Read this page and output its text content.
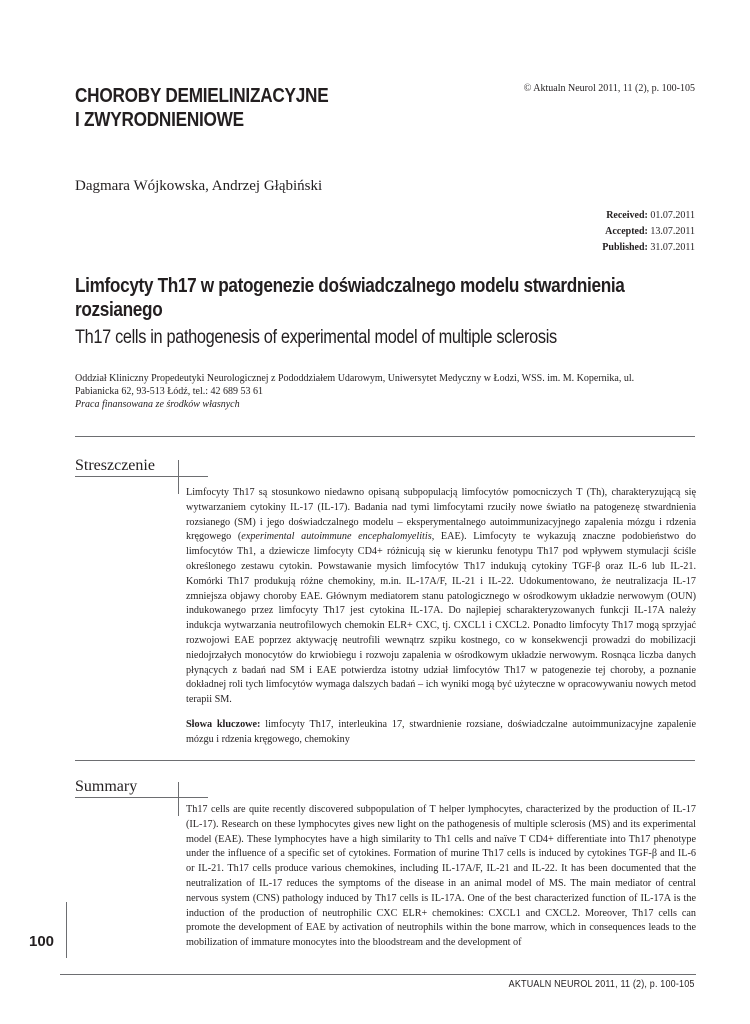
CHOROBY DEMIELINIZACYJNE
I ZWYRODNIENIOWE
© Aktualn Neurol 2011, 11 (2), p. 100-105
Dagmara Wójkowska, Andrzej Głąbiński
Received: 01.07.2011
Accepted: 13.07.2011
Published: 31.07.2011
Limfocyty Th17 w patogenezie doświadczalnego modelu stwardnienia rozsianego
Th17 cells in pathogenesis of experimental model of multiple sclerosis
Oddział Kliniczny Propedeutyki Neurologicznej z Pododdziałem Udarowym, Uniwersytet Medyczny w Łodzi, WSS. im. M. Kopernika, ul. Pabianicka 62, 93-513 Łódź, tel.: 42 689 53 61
Praca finansowana ze środków własnych
Streszczenie

Limfocyty Th17 są stosunkowo niedawno opisaną subpopulacją limfocytów pomocniczych T (Th), charakteryzującą się wytwarzaniem cytokiny IL-17 (IL-17). Badania nad tymi limfocytami rzuciły nowe światło na patogenezę stwardnienia rozsianego (SM) i jego doświadczalnego modelu – eksperymentalnego autoimmunizacyjnego zapalenia mózgu i rdzenia kręgowego (experimental autoimmune encephalomyelitis, EAE). Limfocyty te wykazują znaczne podobieństwo do limfocytów Th1, a dziewicze limfocyty CD4+ różnicują się w kierunku fenotypu Th17 pod wpływem stymulacji ściśle określonego zestawu cytokin. Powstawanie mysich limfocytów Th17 indukują cytokiny TGF-β oraz IL-6 lub IL-21. Komórki Th17 produkują różne chemokiny, m.in. IL-17A/F, IL-21 i IL-22. Udokumentowano, że neutralizacja IL-17 zmniejsza objawy choroby EAE. Głównym mediatorem stanu patologicznego w ośrodkowym układzie nerwowym (OUN) indukowanego przez limfocyty Th17 jest cytokina IL-17A. Do najlepiej scharakteryzowanych funkcji IL-17A należy indukcja wytwarzania neutrofilowych chemokin ELR+ CXC, tj. CXCL1 i CXCL2. Ponadto limfocyty Th17 mogą sprzyjać rozwojowi EAE poprzez aktywację neutrofili wewnątrz szpiku kostnego, co w konsekwencji prowadzi do mobilizacji niedojrzałych monocytów do krwiobiegu i rozwoju zapalenia w ośrodkowym układzie nerwowym. Rosnąca liczba danych płynących z badań nad SM i EAE potwierdza istotny udział limfocytów Th17 w patogenezie tej choroby, a poznanie dokładnej roli tych limfocytów wymaga dalszych badań – ich wyniki mogą być użyteczne w opracowywaniu nowych metod terapii SM.

Słowa kluczowe: limfocyty Th17, interleukina 17, stwardnienie rozsiane, doświadczalne autoimmunizacyjne zapalenie mózgu i rdzenia kręgowego, chemokiny

Summary

Th17 cells are quite recently discovered subpopulation of T helper lymphocytes, characterized by the production of IL-17 (IL-17). Research on these lymphocytes gives new light on the pathogenesis of multiple sclerosis (MS) and its experimental model (EAE). These lymphocytes have a high similarity to Th1 cells and naïve T CD4+ differentiate into Th17 phenotype under the influence of a specific set of cytokines. Formation of murine Th17 cells is induced by cytokines TGF-β and IL-6 or IL-21. Th17 cells produce various chemokines, including IL-17A/F, IL-21 and IL-22. It has been documented that the neutralization of IL-17 reduces the symptoms of the disease in an animal model of MS. The main mediator of central nervous system (CNS) pathology induced by Th17 cells is IL-17A. One of the best characterized function of IL-17A is the induction of the production of neutrophilic CXC ELR+ chemokines: CXCL1 and CXCL2. Moreover, Th17 cells can promote the development of EAE by activation of neutrophils within the bone marrow, which in consequences leads to the mobilization of immature monocytes into the bloodstream and the development of

100
AKTUALN NEUROL 2011, 11 (2), p. 100-105
